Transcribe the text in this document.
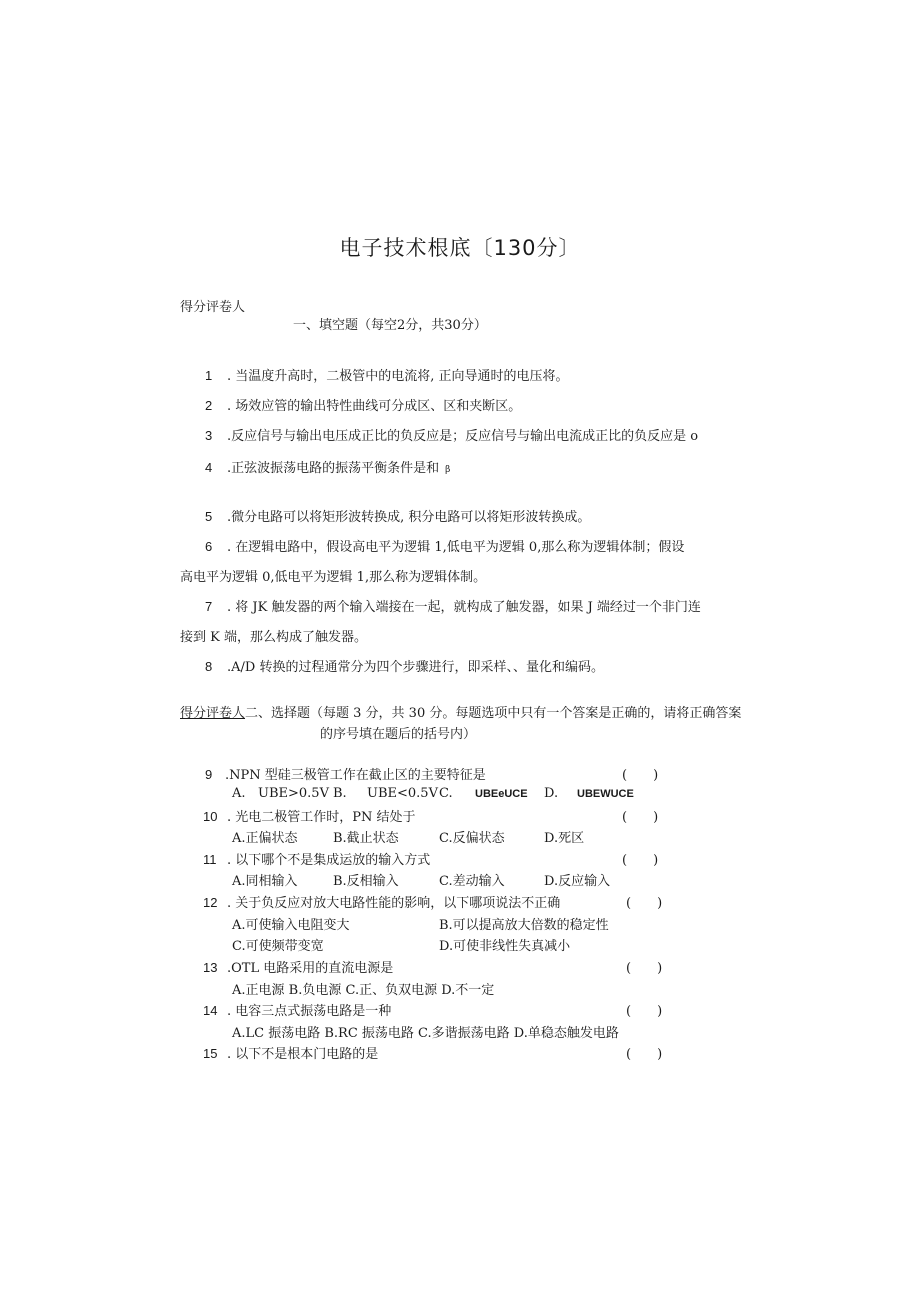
电子技术根底〔130分〕
得分评卷人
一、填空题（每空2分，共30分）
1 . 当温度升高时，二极管中的电流将, 正向导通时的电压将。
2 . 场效应管的输出特性曲线可分成区、区和夹断区。
3 .反应信号与输出电压成正比的负反应是；反应信号与输出电流成正比的负反应是 o
4 .正弦波振荡电路的振荡平衡条件是和 β
5 .微分电路可以将矩形波转换成, 积分电路可以将矩形波转换成。
6 . 在逻辑电路中，假设高电平为逻辑 1,低电平为逻辑 0,那么称为逻辑体制；假设
高电平为逻辑 0,低电平为逻辑 1,那么称为逻辑体制。
7 . 将 JK 触发器的两个输入端接在一起，就构成了触发器，如果 J 端经过一个非门连
接到 K 端，那么构成了触发器。
8 .A/D 转换的过程通常分为四个步骤进行，即采样、、量化和编码。
得分评卷人二、选择题（每题 3 分，共 30 分。每题选项中只有一个答案是正确的，请将正确答案
的序号填在题后的括号内）
9 .NPN 型硅三极管工作在截止区的主要特征是	(　　)
A. UBE>0.5V B. UBE<0.5V C. UBEeUCE D. UBEWUCE
10 . 光电二极管工作时，PN 结处于	(　　)
A.正偏状态	B.截止状态	C.反偏状态	D.死区
11 . 以下哪个不是集成运放的输入方式	(　　)
A.同相输入	B.反相输入	C.差动输入	D.反应输入
12 . 关于负反应对放大电路性能的影响，以下哪项说法不正确	(　　)
A.可使输入电阻变大	B.可以提高放大倍数的稳定性
C.可使频带变宽	D.可使非线性失真减小
13 .OTL 电路采用的直流电源是	(　　)
A.正电源 B.负电源 C.正、负双电源 D.不一定
14 . 电容三点式振荡电路是一种	(　　)
A.LC 振荡电路 B.RC 振荡电路 C.多谐振荡电路 D.单稳态触发电路
15 . 以下不是根本门电路的是	(　　)
